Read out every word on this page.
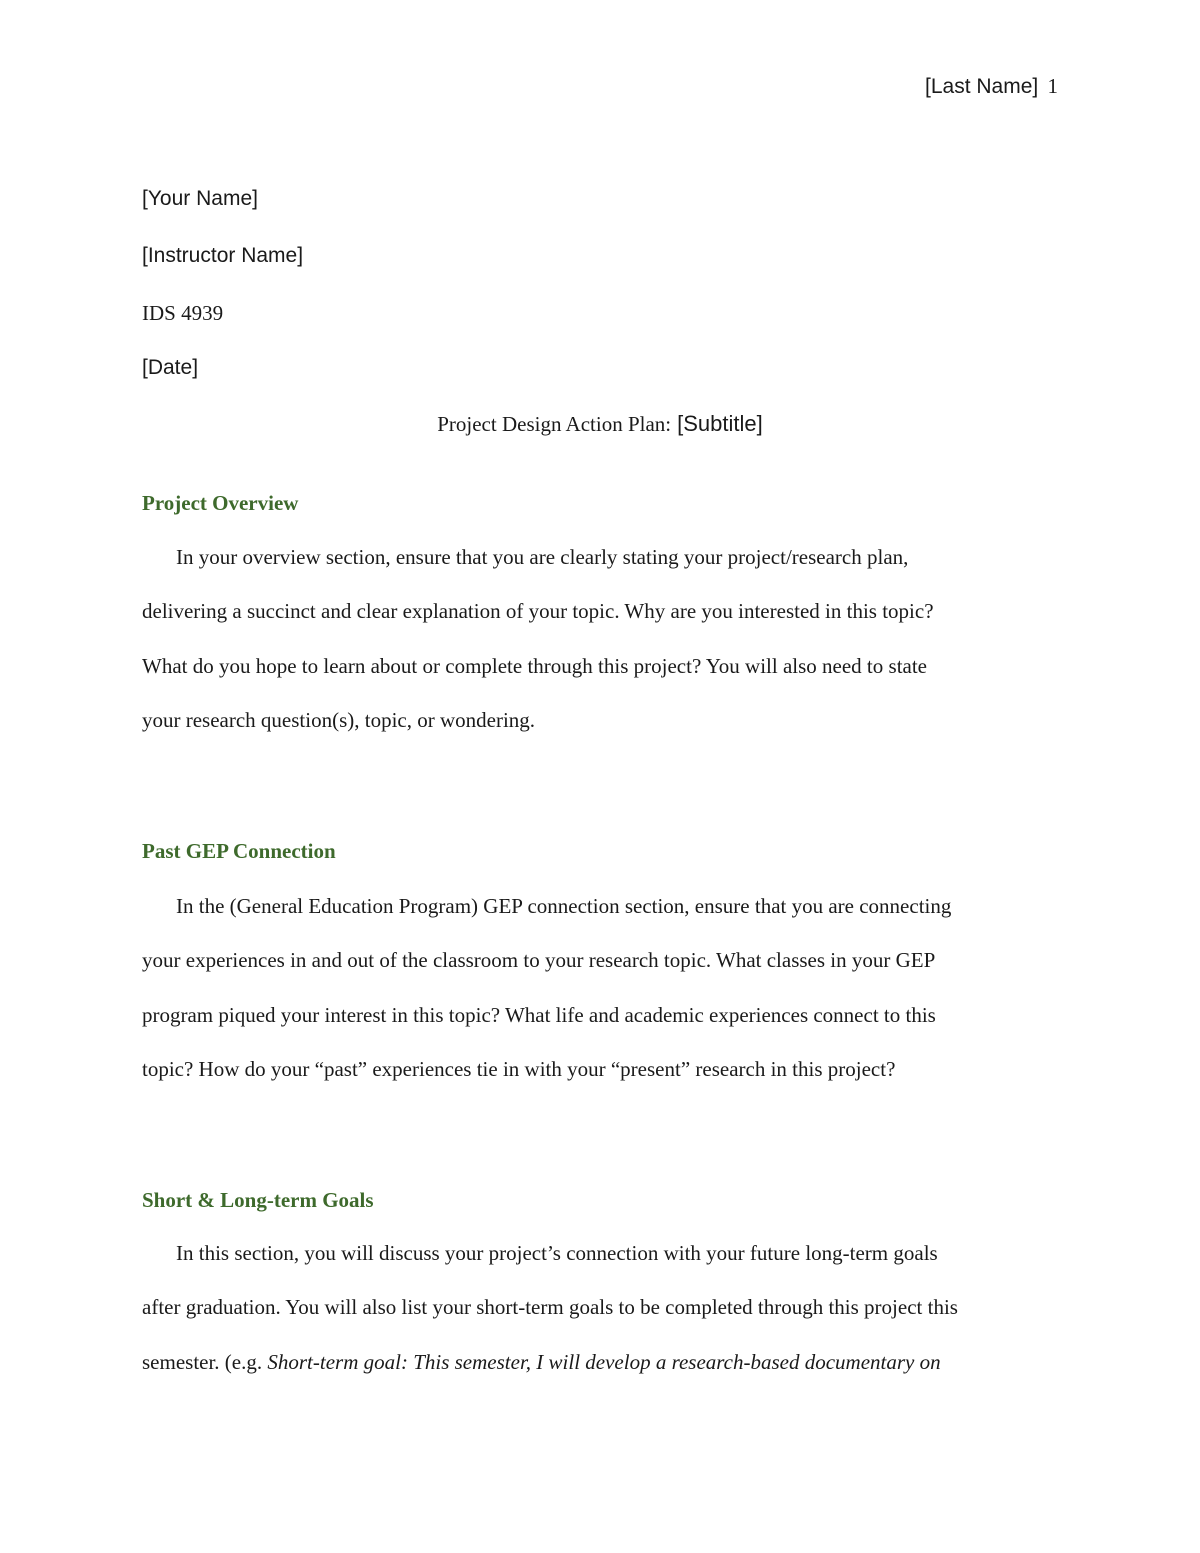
[Last Name] 1
[Your Name]
[Instructor Name]
IDS 4939
[Date]
Project Design Action Plan: [Subtitle]
Project Overview
In your overview section, ensure that you are clearly stating your project/research plan,
delivering a succinct and clear explanation of your topic. Why are you interested in this topic?
What do you hope to learn about or complete through this project? You will also need to state
your research question(s), topic, or wondering.
Past GEP Connection
In the (General Education Program) GEP connection section, ensure that you are connecting
your experiences in and out of the classroom to your research topic. What classes in your GEP
program piqued your interest in this topic? What life and academic experiences connect to this
topic? How do your “past” experiences tie in with your “present” research in this project?
Short & Long-term Goals
In this section, you will discuss your project’s connection with your future long-term goals
after graduation. You will also list your short-term goals to be completed through this project this
semester. (e.g. Short-term goal: This semester, I will develop a research-based documentary on
